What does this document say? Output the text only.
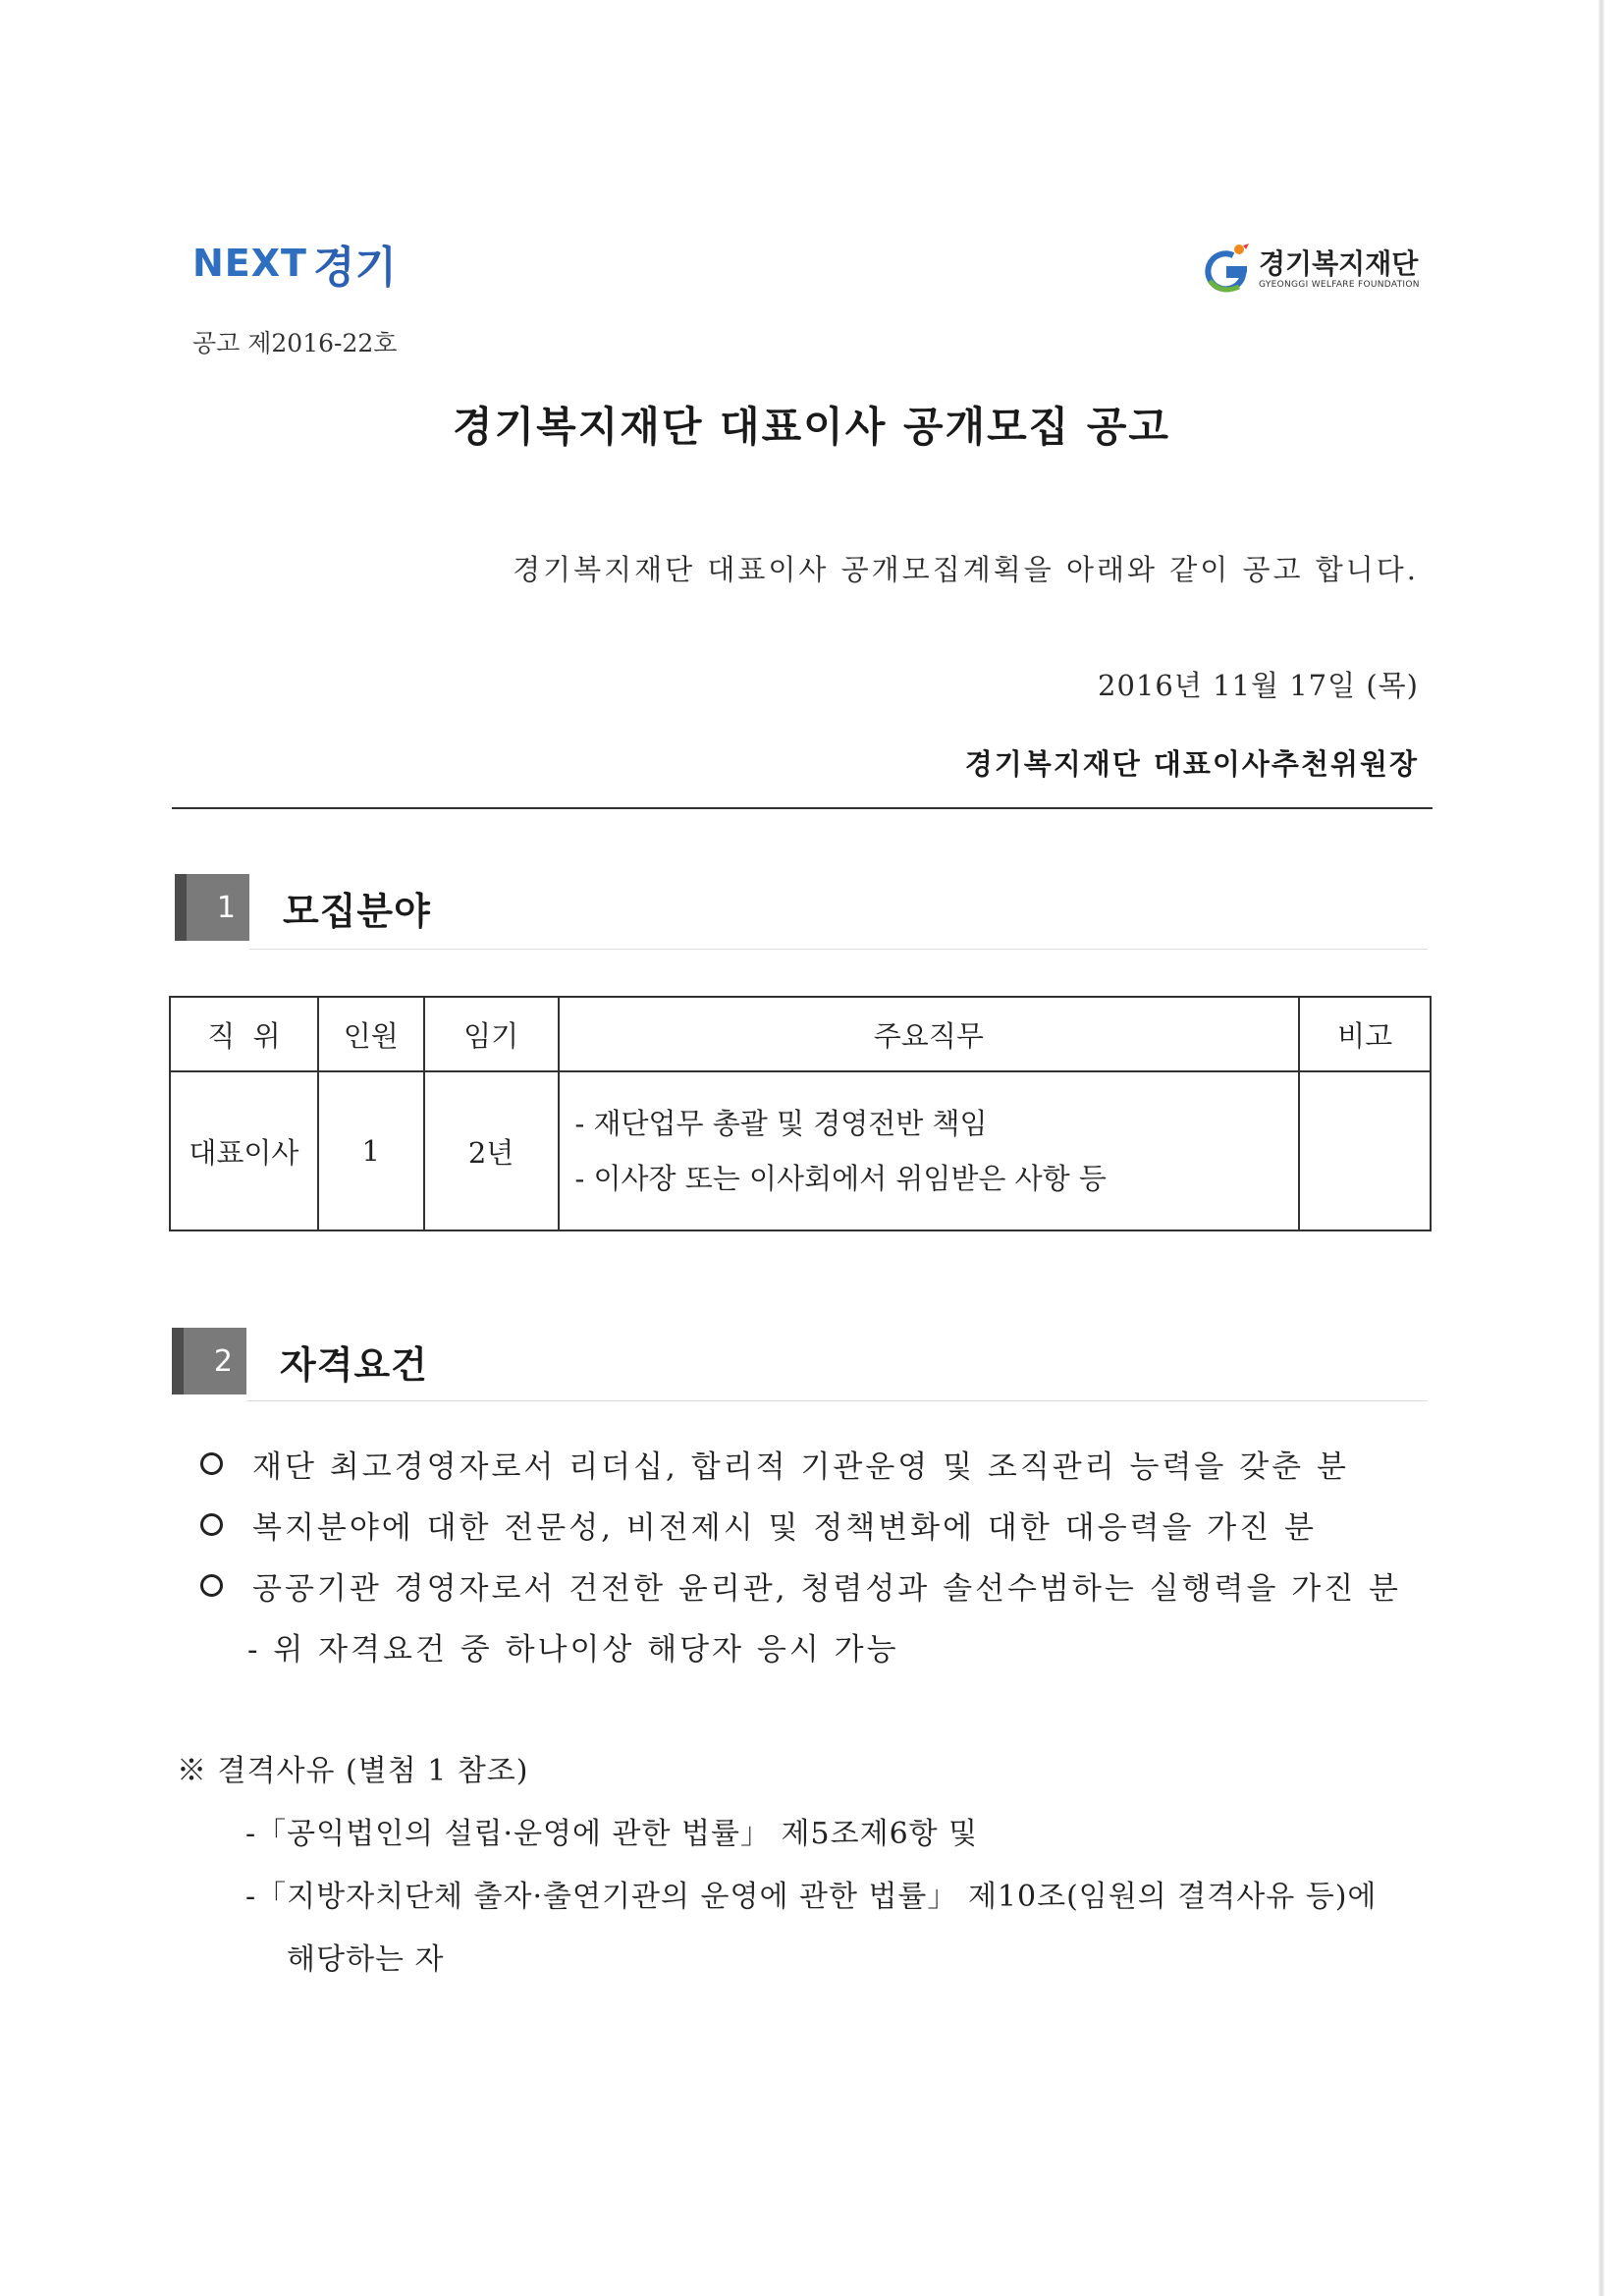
NEXT 경기	경기복지재단
GYEONGGI WELFARE FOUNDATION
공고 제2016-22호
경기복지재단 대표이사 공개모집 공고
경기복지재단 대표이사 공개모집계획을 아래와 같이 공고 합니다.
2016년 11월 17일 (목)
경기복지재단 대표이사추천위원장
1	모집분야
직  위	인원	임기	주요직무	비고
대표이사	1	2년	- 재단업무 총괄 및 경영전반 책임
- 이사장 또는 이사회에서 위임받은 사항 등	

2	자격요건
재단 최고경영자로서 리더십, 합리적 기관운영 및 조직관리 능력을 갖춘 분
복지분야에 대한 전문성, 비전제시 및 정책변화에 대한 대응력을 가진 분
공공기관 경영자로서 건전한 윤리관, 청렴성과 솔선수범하는 실행력을 가진 분
- 위 자격요건 중 하나이상 해당자 응시 가능
※ 결격사유 (별첨 1 참조)
-「공익법인의 설립·운영에 관한 법률」 제5조제6항 및
-「지방자치단체 출자·출연기관의 운영에 관한 법률」 제10조(임원의 결격사유 등)에
해당하는 자
